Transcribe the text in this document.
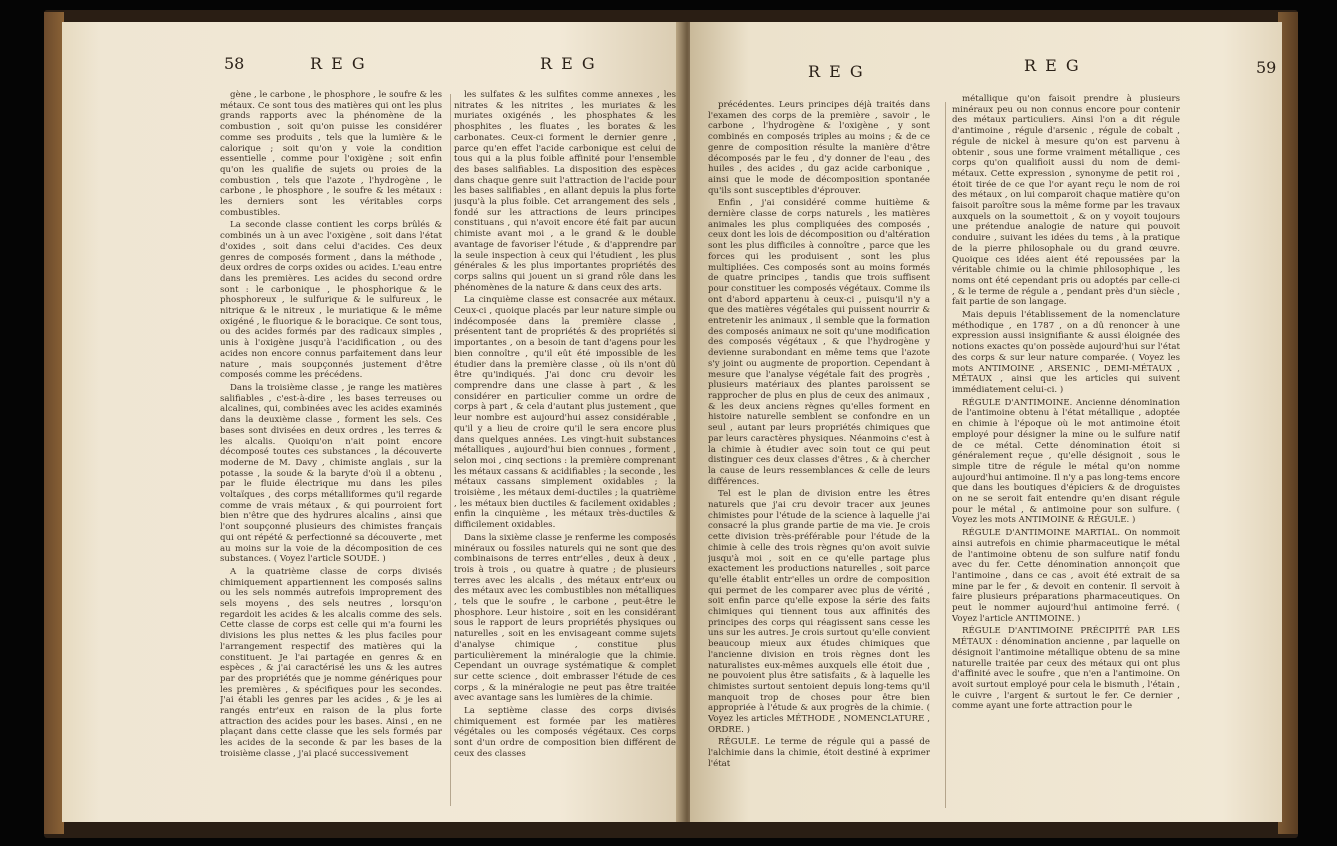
58	R E G	R E G

gène , le carbone , le phosphore , le soufre & les métaux. Ce sont tous des matières qui ont les plus grands rapports avec la phénomène de la combustion , soit qu'on puisse les considérer comme ses produits , tels que la lumière & le calorique ; soit qu'on y voie la condition essentielle , comme pour l'oxigène ; soit enfin qu'on les qualifie de sujets ou proies de la combustion , tels que l'azote , l'hydrogène , le carbone , le phosphore , le soufre & les métaux : les derniers sont les véritables corps combustibles.

La seconde classe contient les corps brûlés & combinés un à un avec l'oxigène , soit dans l'état d'oxides , soit dans celui d'acides. Ces deux genres de composés forment , dans la méthode , deux ordres de corps oxides ou acides. L'eau entre dans les premières. Les acides du second ordre sont : le carbonique , le phosphorique & le phosphoreux , le sulfurique & le sulfureux , le nitrique & le nitreux , le muriatique & le même oxigéné , le fluorique & le boracique. Ce sont tous, ou des acides formés par des radicaux simples , unis à l'oxigène jusqu'à l'acidification , ou des acides non encore connus parfaitement dans leur nature , mais soupçonnés justement d'être composés comme les précédens.

Dans la troisième classe , je range les matières salifiables , c'est-à-dire , les bases terreuses ou alcalines, qui, combinées avec les acides examinés dans la deuxième classe , forment les sels. Ces bases sont divisées en deux ordres , les terres & les alcalis. Quoiqu'on n'ait point encore décomposé toutes ces substances , la découverte moderne de M. Davy , chimiste anglais , sur la potasse , la soude & la baryte d'où il a obtenu , par le fluide électrique mu dans les piles voltaïques , des corps métalliformes qu'il regarde comme de vrais métaux , & qui pourroient fort bien n'être que des hydrures alcalins , ainsi que l'ont soupçonné plusieurs des chimistes français qui ont répété & perfectionné sa découverte , met au moins sur la voie de la décomposition de ces substances. ( Voyez l'article SOUDE. )

A la quatrième classe de corps divisés chimiquement appartiennent les composés salins ou les sels nommés autrefois improprement des sels moyens , des sels neutres , lorsqu'on regardoit les acides & les alcalis comme des sels. Cette classe de corps est celle qui m'a fourni les divisions les plus nettes & les plus faciles pour l'arrangement respectif des matières qui la constituent. Je l'ai partagée en genres & en espèces , & j'ai caractérisé les uns & les autres par des propriétés que je nomme génériques pour les premières , & spécifiques pour les secondes. J'ai établi les genres par les acides , & je les ai rangés entr'eux en raison de la plus forte attraction des acides pour les bases. Ainsi , en ne plaçant dans cette classe que les sels formés par les acides de la seconde & par les bases de la troisième classe , j'ai placé successivement

les sulfates & les sulfites comme annexes , les nitrates & les nitrites , les muriates & les muriates oxigénés , les phosphates & les phosphites , les fluates , les borates & les carbonates. Ceux-ci forment le dernier genre , parce qu'en effet l'acide carbonique est celui de tous qui a la plus foible affinité pour l'ensemble des bases salifiables. La disposition des espèces dans chaque genre suit l'attraction de l'acide pour les bases salifiables , en allant depuis la plus forte jusqu'à la plus foible. Cet arrangement des sels , fondé sur les attractions de leurs principes constituans , qui n'avoit encore été fait par aucun chimiste avant moi , a le grand & le double avantage de favoriser l'étude , & d'apprendre par la seule inspection à ceux qui l'étudient , les plus générales & les plus importantes propriétés des corps salins qui jouent un si grand rôle dans les phénomènes de la nature & dans ceux des arts.

La cinquième classe est consacrée aux métaux. Ceux-ci , quoique placés par leur nature simple ou indécomposée dans la première classe , présentent tant de propriétés & des propriétés si importantes , on a besoin de tant d'agens pour les bien connoître , qu'il eût été impossible de les étudier dans la première classe , où ils n'ont dû être qu'indiqués. J'ai donc cru devoir les comprendre dans une classe à part , & les considérer en particulier comme un ordre de corps à part , & cela d'autant plus justement , que leur nombre est aujourd'hui assez considérable , qu'il y a lieu de croire qu'il le sera encore plus dans quelques années. Les vingt-huit substances métalliques , aujourd'hui bien connues , forment , selon moi , cinq sections : la première comprenant les métaux cassans & acidifiables ; la seconde , les métaux cassans simplement oxidables ; la troisième , les métaux demi-ductiles ; la quatrième , les métaux bien ductiles & facilement oxidables ; enfin la cinquième , les métaux très-ductiles & difficilement oxidables.

Dans la sixième classe je renferme les composés minéraux ou fossiles naturels qui ne sont que des combinaisons de terres entr'elles , deux à deux , trois à trois , ou quatre à quatre ; de plusieurs terres avec les alcalis , des métaux entr'eux ou des métaux avec les combustibles non métalliques , tels que le soufre , le carbone , peut-être le phosphore. Leur histoire , soit en les considérant sous le rapport de leurs propriétés physiques ou naturelles , soit en les envisageant comme sujets d'analyse chimique , constitue plus particulièrement la minéralogie que la chimie. Cependant un ouvrage systématique & complet sur cette science , doit embrasser l'étude de ces corps , & la minéralogie ne peut pas être traitée avec avantage sans les lumières de la chimie.

La septième classe des corps divisés chimiquement est formée par les matières végétales ou les composés végétaux. Ces corps sont d'un ordre de composition bien différent de ceux des classes

R E G	R E G	59

précédentes. Leurs principes déjà traités dans l'examen des corps de la première , savoir , le carbone , l'hydrogène & l'oxigène , y sont combinés en composés triples au moins ; & de ce genre de composition résulte la manière d'être décomposés par le feu , d'y donner de l'eau , des huiles , des acides , du gaz acide carbonique , ainsi que le mode de décomposition spontanée qu'ils sont susceptibles d'éprouver.

Enfin , j'ai considéré comme huitième & dernière classe de corps naturels , les matières animales les plus compliquées des composés , ceux dont les lois de décomposition ou d'altération sont les plus difficiles à connoître , parce que les forces qui les produisent , sont les plus multipliées. Ces composés sont au moins formés de quatre principes , tandis que trois suffisent pour constituer les composés végétaux. Comme ils ont d'abord appartenu à ceux-ci , puisqu'il n'y a que des matières végétales qui puissent nourrir & entretenir les animaux , il semble que la formation des composés animaux ne soit qu'une modification des composés végétaux , & que l'hydrogène y devienne surabondant en même tems que l'azote s'y joint ou augmente de proportion. Cependant à mesure que l'analyse végétale fait des progrès , plusieurs matériaux des plantes paroissent se rapprocher de plus en plus de ceux des animaux , & les deux anciens règnes qu'elles forment en histoire naturelle semblent se confondre en un seul , autant par leurs propriétés chimiques que par leurs caractères physiques. Néanmoins c'est à la chimie à étudier avec soin tout ce qui peut distinguer ces deux classes d'êtres , & à chercher la cause de leurs ressemblances & celle de leurs différences.

Tel est le plan de division entre les êtres naturels que j'ai cru devoir tracer aux jeunes chimistes pour l'étude de la science à laquelle j'ai consacré la plus grande partie de ma vie. Je crois cette division très-préférable pour l'étude de la chimie à celle des trois règnes qu'on avoit suivie jusqu'à moi , soit en ce qu'elle partage plus exactement les productions naturelles , soit parce qu'elle établit entr'elles un ordre de composition qui permet de les comparer avec plus de vérité , soit enfin parce qu'elle expose la série des faits chimiques qui tiennent tous aux affinités des principes des corps qui réagissent sans cesse les uns sur les autres. Je crois surtout qu'elle convient beaucoup mieux aux études chimiques que l'ancienne division en trois règnes dont les naturalistes eux-mêmes auxquels elle étoit due , ne pouvoient plus être satisfaits , & à laquelle les chimistes surtout sentoient depuis long-tems qu'il manquoit trop de choses pour être bien appropriée à l'étude & aux progrès de la chimie. ( Voyez les articles MÉTHODE , NOMENCLATURE , ORDRE. )

RÉGULE. Le terme de régule qui a passé de l'alchimie dans la chimie, étoit destiné à exprimer l'état

métallique qu'on faisoit prendre à plusieurs minéraux peu ou non connus encore pour contenir des métaux particuliers. Ainsi l'on a dit régule d'antimoine , régule d'arsenic , régule de cobalt , régule de nickel à mesure qu'on est parvenu à obtenir , sous une forme vraiment métallique , ces corps qu'on qualifioit aussi du nom de demi-métaux. Cette expression , synonyme de petit roi , étoit tirée de ce que l'or ayant reçu le nom de roi des métaux , on lui comparoit chaque matière qu'on faisoit paroître sous la même forme par les travaux auxquels on la soumettoit , & on y voyoit toujours une prétendue analogie de nature qui pouvoit conduire , suivant les idées du tems , à la pratique de la pierre philosophale ou du grand œuvre. Quoique ces idées aient été repoussées par la véritable chimie ou la chimie philosophique , les noms ont été cependant pris ou adoptés par celle-ci , & le terme de régule a , pendant près d'un siècle , fait partie de son langage.

Mais depuis l'établissement de la nomenclature méthodique , en 1787 , on a dû renoncer à une expression aussi insignifiante & aussi éloignée des notions exactes qu'on possède aujourd'hui sur l'état des corps & sur leur nature comparée. ( Voyez les mots ANTIMOINE , ARSENIC , DEMI-MÉTAUX , MÉTAUX , ainsi que les articles qui suivent immédiatement celui-ci. )

RÉGULE D'ANTIMOINE. Ancienne dénomination de l'antimoine obtenu à l'état métallique , adoptée en chimie à l'époque où le mot antimoine étoit employé pour désigner la mine ou le sulfure natif de ce métal. Cette dénomination étoit si généralement reçue , qu'elle désignoit , sous le simple titre de régule le métal qu'on nomme aujourd'hui antimoine. Il n'y a pas long-tems encore que dans les boutiques d'épiciers & de droguistes on ne se seroit fait entendre qu'en disant régule pour le métal , & antimoine pour son sulfure. ( Voyez les mots ANTIMOINE & RÉGULE. )

RÉGULE D'ANTIMOINE MARTIAL. On nommoit ainsi autrefois en chimie pharmaceutique le métal de l'antimoine obtenu de son sulfure natif fondu avec du fer. Cette dénomination annonçoit que l'antimoine , dans ce cas , avoit été extrait de sa mine par le fer , & devoit en contenir. Il servoit à faire plusieurs préparations pharmaceutiques. On peut le nommer aujourd'hui antimoine ferré. ( Voyez l'article ANTIMOINE. )

RÉGULE D'ANTIMOINE PRÉCIPITÉ PAR LES MÉTAUX : dénomination ancienne , par laquelle on désignoit l'antimoine métallique obtenu de sa mine naturelle traitée par ceux des métaux qui ont plus d'affinité avec le soufre , que n'en a l'antimoine. On avoit surtout employé pour cela le bismuth , l'étain , le cuivre , l'argent & surtout le fer. Ce dernier , comme ayant une forte attraction pour le
